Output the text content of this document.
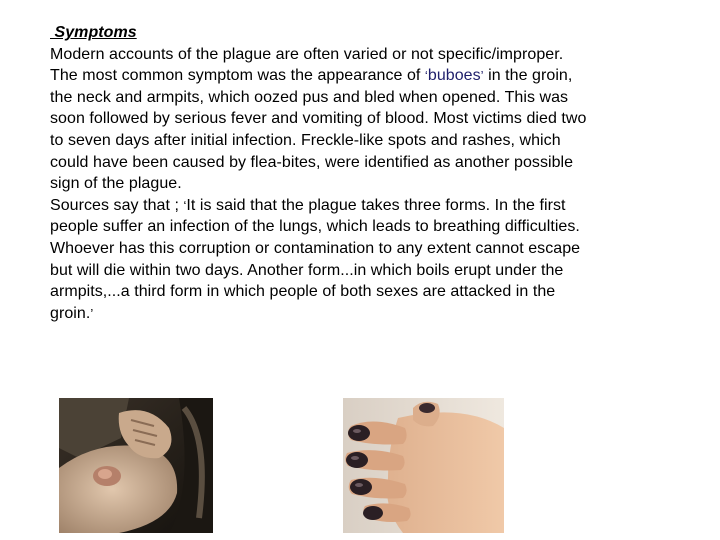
Symptoms
Modern accounts of the plague are often varied or not specific/improper. The most common symptom was the appearance of ‘buboes’ in the groin, the neck and armpits, which oozed pus and bled when opened. This was soon followed by serious fever and vomiting of blood. Most victims died two to seven days after initial infection. Freckle-like spots and rashes, which could have been caused by flea-bites, were identified as another possible sign of the plague.
Sources say that ; ‘It is said that the plague takes three forms. In the first people suffer an infection of the lungs, which leads to breathing difficulties. Whoever has this corruption or contamination to any extent cannot escape but will die within two days. Another form...in which boils erupt under the armpits,...a third form in which people of both sexes are attacked in the groin.’
